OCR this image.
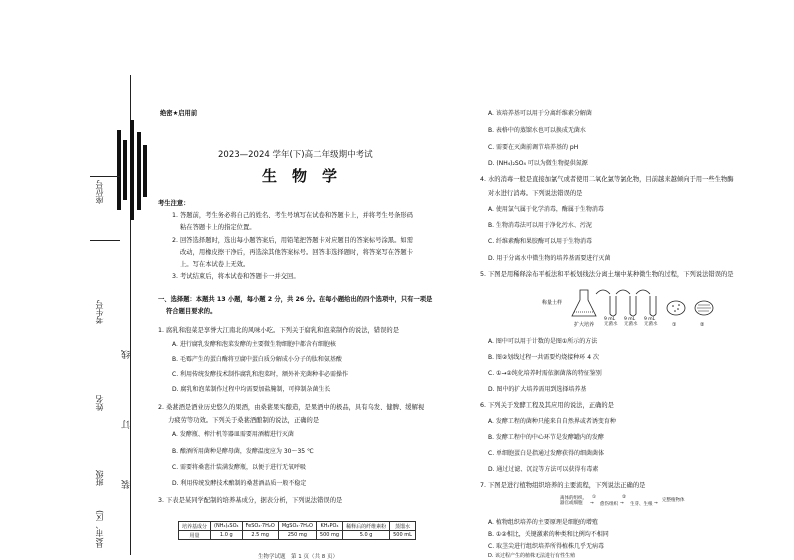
座位号
考生号
姓名
班级
县(市、区)
线
订
装
绝密★启用前
2023—2024 学年(下)高二年级期中考试
生　物　学
考生注意：
1. 答题前，考生务必将自己的姓名、考生号填写在试卷和答题卡上，并将考生号条形码
粘在答题卡上的指定位置。
2. 回答选择题时，选出每小题答案后，用铅笔把答题卡对应题目的答案标号涂黑。如需
改动，用橡皮擦干净后，再选涂其他答案标号。回答非选择题时，将答案写在答题卡
上。写在本试卷上无效。
3. 考试结束后，将本试卷和答题卡一并交回。
一、选择题：本题共 13 小题，每小题 2 分，共 26 分。在每小题给出的四个选项中，只有一项是
符合题目要求的。
1. 腐乳和泡菜是享誉大江南北的风味小吃。下列关于腐乳和泡菜制作的说法，错误的是
A. 进行腐乳发酵和泡菜发酵的主要微生物细胞中都含有细胞核
B. 毛霉产生的蛋白酶将豆腐中蛋白质分解成小分子的肽和氨基酸
C. 利用传统发酵技术制作腐乳和泡菜时，额外补充菌种非必需操作
D. 腐乳和泡菜制作过程中均需要加盐腌制，可抑制杂菌生长
2. 桑葚酒是酒业历史悠久的果酒，由桑葚果实酿造，是果酒中的极品，具有乌发、健脾、缓解视
力疲劳等功效。下列关于桑葚酒酿制的说法，正确的是
A. 发酵瓶、榨汁机等器皿需要用酒精进行灭菌
B. 酿酒所用菌种是酵母菌，发酵温度应为 30～35 ℃
C. 需要将桑葚汁装满发酵瓶，以便于进行无氧呼吸
D. 利用传统发酵技术酿制的桑葚酒品质一般不稳定
3. 下表是某同学配制的培养基成分，据表分析，下列说法错误的是
培养基成分	(NH₄)₂SO₄	FeSO₄·7H₂O	MgSO₄·7H₂O	KH₂PO₄	稀释后的纤维素粉	蒸馏水
用量	1.0 g	2.5 mg	250 mg	500 mg	5.0 g	500 mL
生物学试题　第 1 页（共 8 页）
A. 该培养基可以用于分离纤维素分解菌
B. 表格中的蒸馏水也可以换成无菌水
C. 需要在灭菌前调节培养基的 pH
D. (NH₄)₂SO₄ 可以为微生物提供氮源
4. 水的消毒一般是直接加氯气或者使用二氧化氯等氯化物，目前越来越倾向于用一些生物酶
对水进行消毒。下列说法错误的是
A. 使用氯气属于化学消毒，酶属于生物消毒
B. 生物消毒法可以用于净化污水、污泥
C. 纤维素酶和果胶酶可以用于生物消毒
D. 用于分离水中微生物的培养基需要进行灭菌
5. 下图是用稀释涂布平板法和平板划线法分离土壤中某种微生物的过程，下列说法错误的是
称量土样
扩大培养	①	②
9 mL
无菌水
9 mL
无菌水
9 mL
无菌水
A. 图中可以用于计数的是图①所示的方法
B. 图②划线过程一共需要灼烧接种环 4 次
C. ①→②纯化培养时需依据菌落的特征鉴别
D. 图中的扩大培养需用到选择培养基
6. 下列关于发酵工程及其应用的说法，正确的是
A. 发酵工程的菌种只能来自自然界或者诱变育种
B. 发酵工程中的中心环节是发酵罐内的发酵
C. 单细胞蛋白是指通过发酵获得的细菌菌体
D. 通过过滤、沉淀等方法可以获得有毒素
7. 下图是进行植物组织培养的主要流程，下列说法正确的是
离体的组织、器官或细胞	→
①
愈伤组织 →
②
生芽、生根 →
完整植物体
A. 植物组织培养的主要原理是细胞的增殖
B. ①②相比，关键激素的种类和比例均不相同
C. 取茎尖进行组织培养所得植株几乎无病毒
D. 该过程产生的植株无法进行有性生殖
